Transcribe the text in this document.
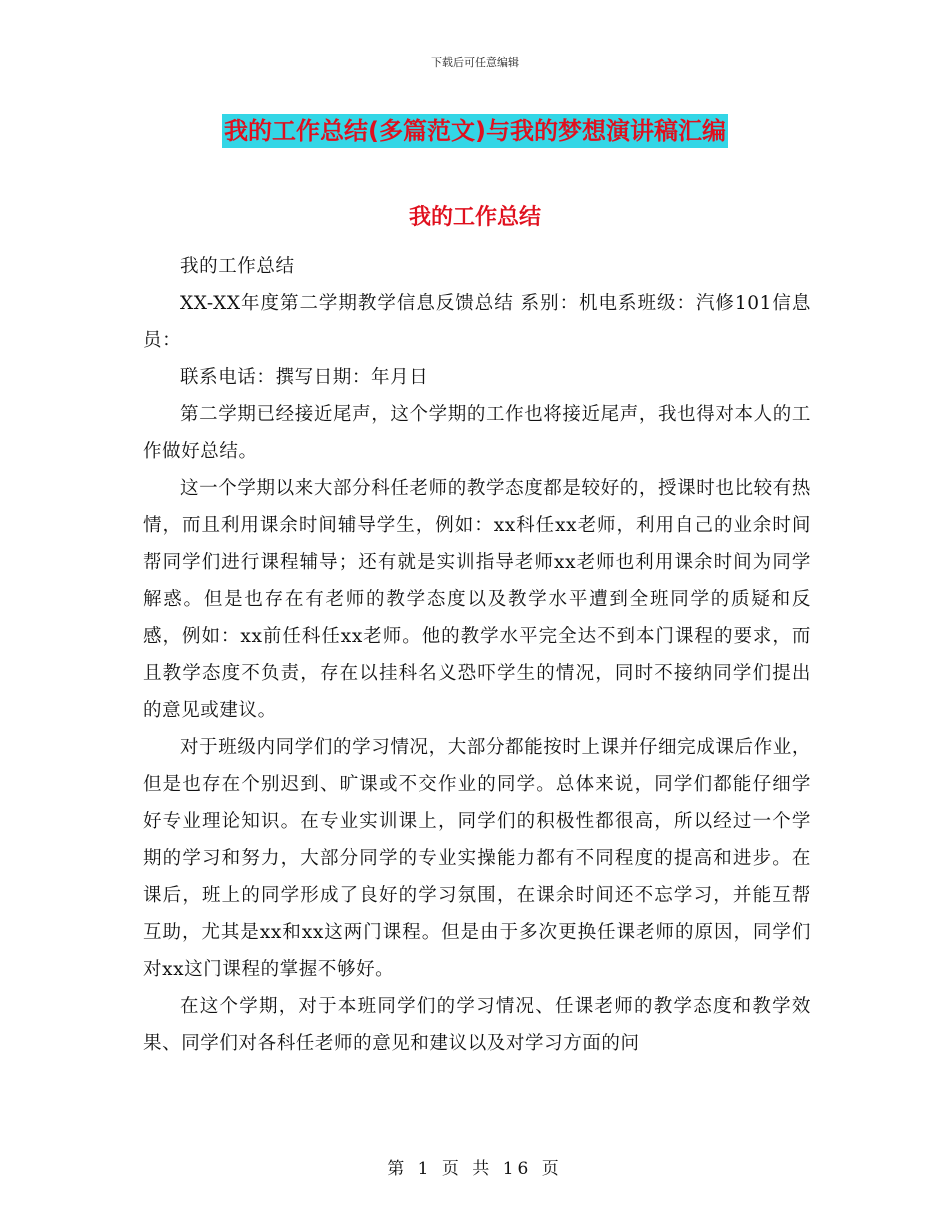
下载后可任意编辑
我的工作总结(多篇范文)与我的梦想演讲稿汇编
我的工作总结

我的工作总结

XX-XX年度第二学期教学信息反馈总结 系别：机电系班级：汽修101信息员：

联系电话：撰写日期：年月日

第二学期已经接近尾声，这个学期的工作也将接近尾声，我也得对本人的工作做好总结。

这一个学期以来大部分科任老师的教学态度都是较好的，授课时也比较有热情，而且利用课余时间辅导学生，例如：xx科任xx老师，利用自己的业余时间帮同学们进行课程辅导；还有就是实训指导老师xx老师也利用课余时间为同学解惑。但是也存在有老师的教学态度以及教学水平遭到全班同学的质疑和反感，例如：xx前任科任xx老师。他的教学水平完全达不到本门课程的要求，而且教学态度不负责，存在以挂科名义恐吓学生的情况，同时不接纳同学们提出的意见或建议。

对于班级内同学们的学习情况，大部分都能按时上课并仔细完成课后作业，但是也存在个别迟到、旷课或不交作业的同学。总体来说，同学们都能仔细学好专业理论知识。在专业实训课上，同学们的积极性都很高，所以经过一个学期的学习和努力，大部分同学的专业实操能力都有不同程度的提高和进步。在课后，班上的同学形成了良好的学习氛围，在课余时间还不忘学习，并能互帮互助，尤其是xx和xx这两门课程。但是由于多次更换任课老师的原因，同学们对xx这门课程的掌握不够好。

在这个学期，对于本班同学们的学习情况、任课老师的教学态度和教学效果、同学们对各科任老师的意见和建议以及对学习方面的问

第 1 页 共 16 页
